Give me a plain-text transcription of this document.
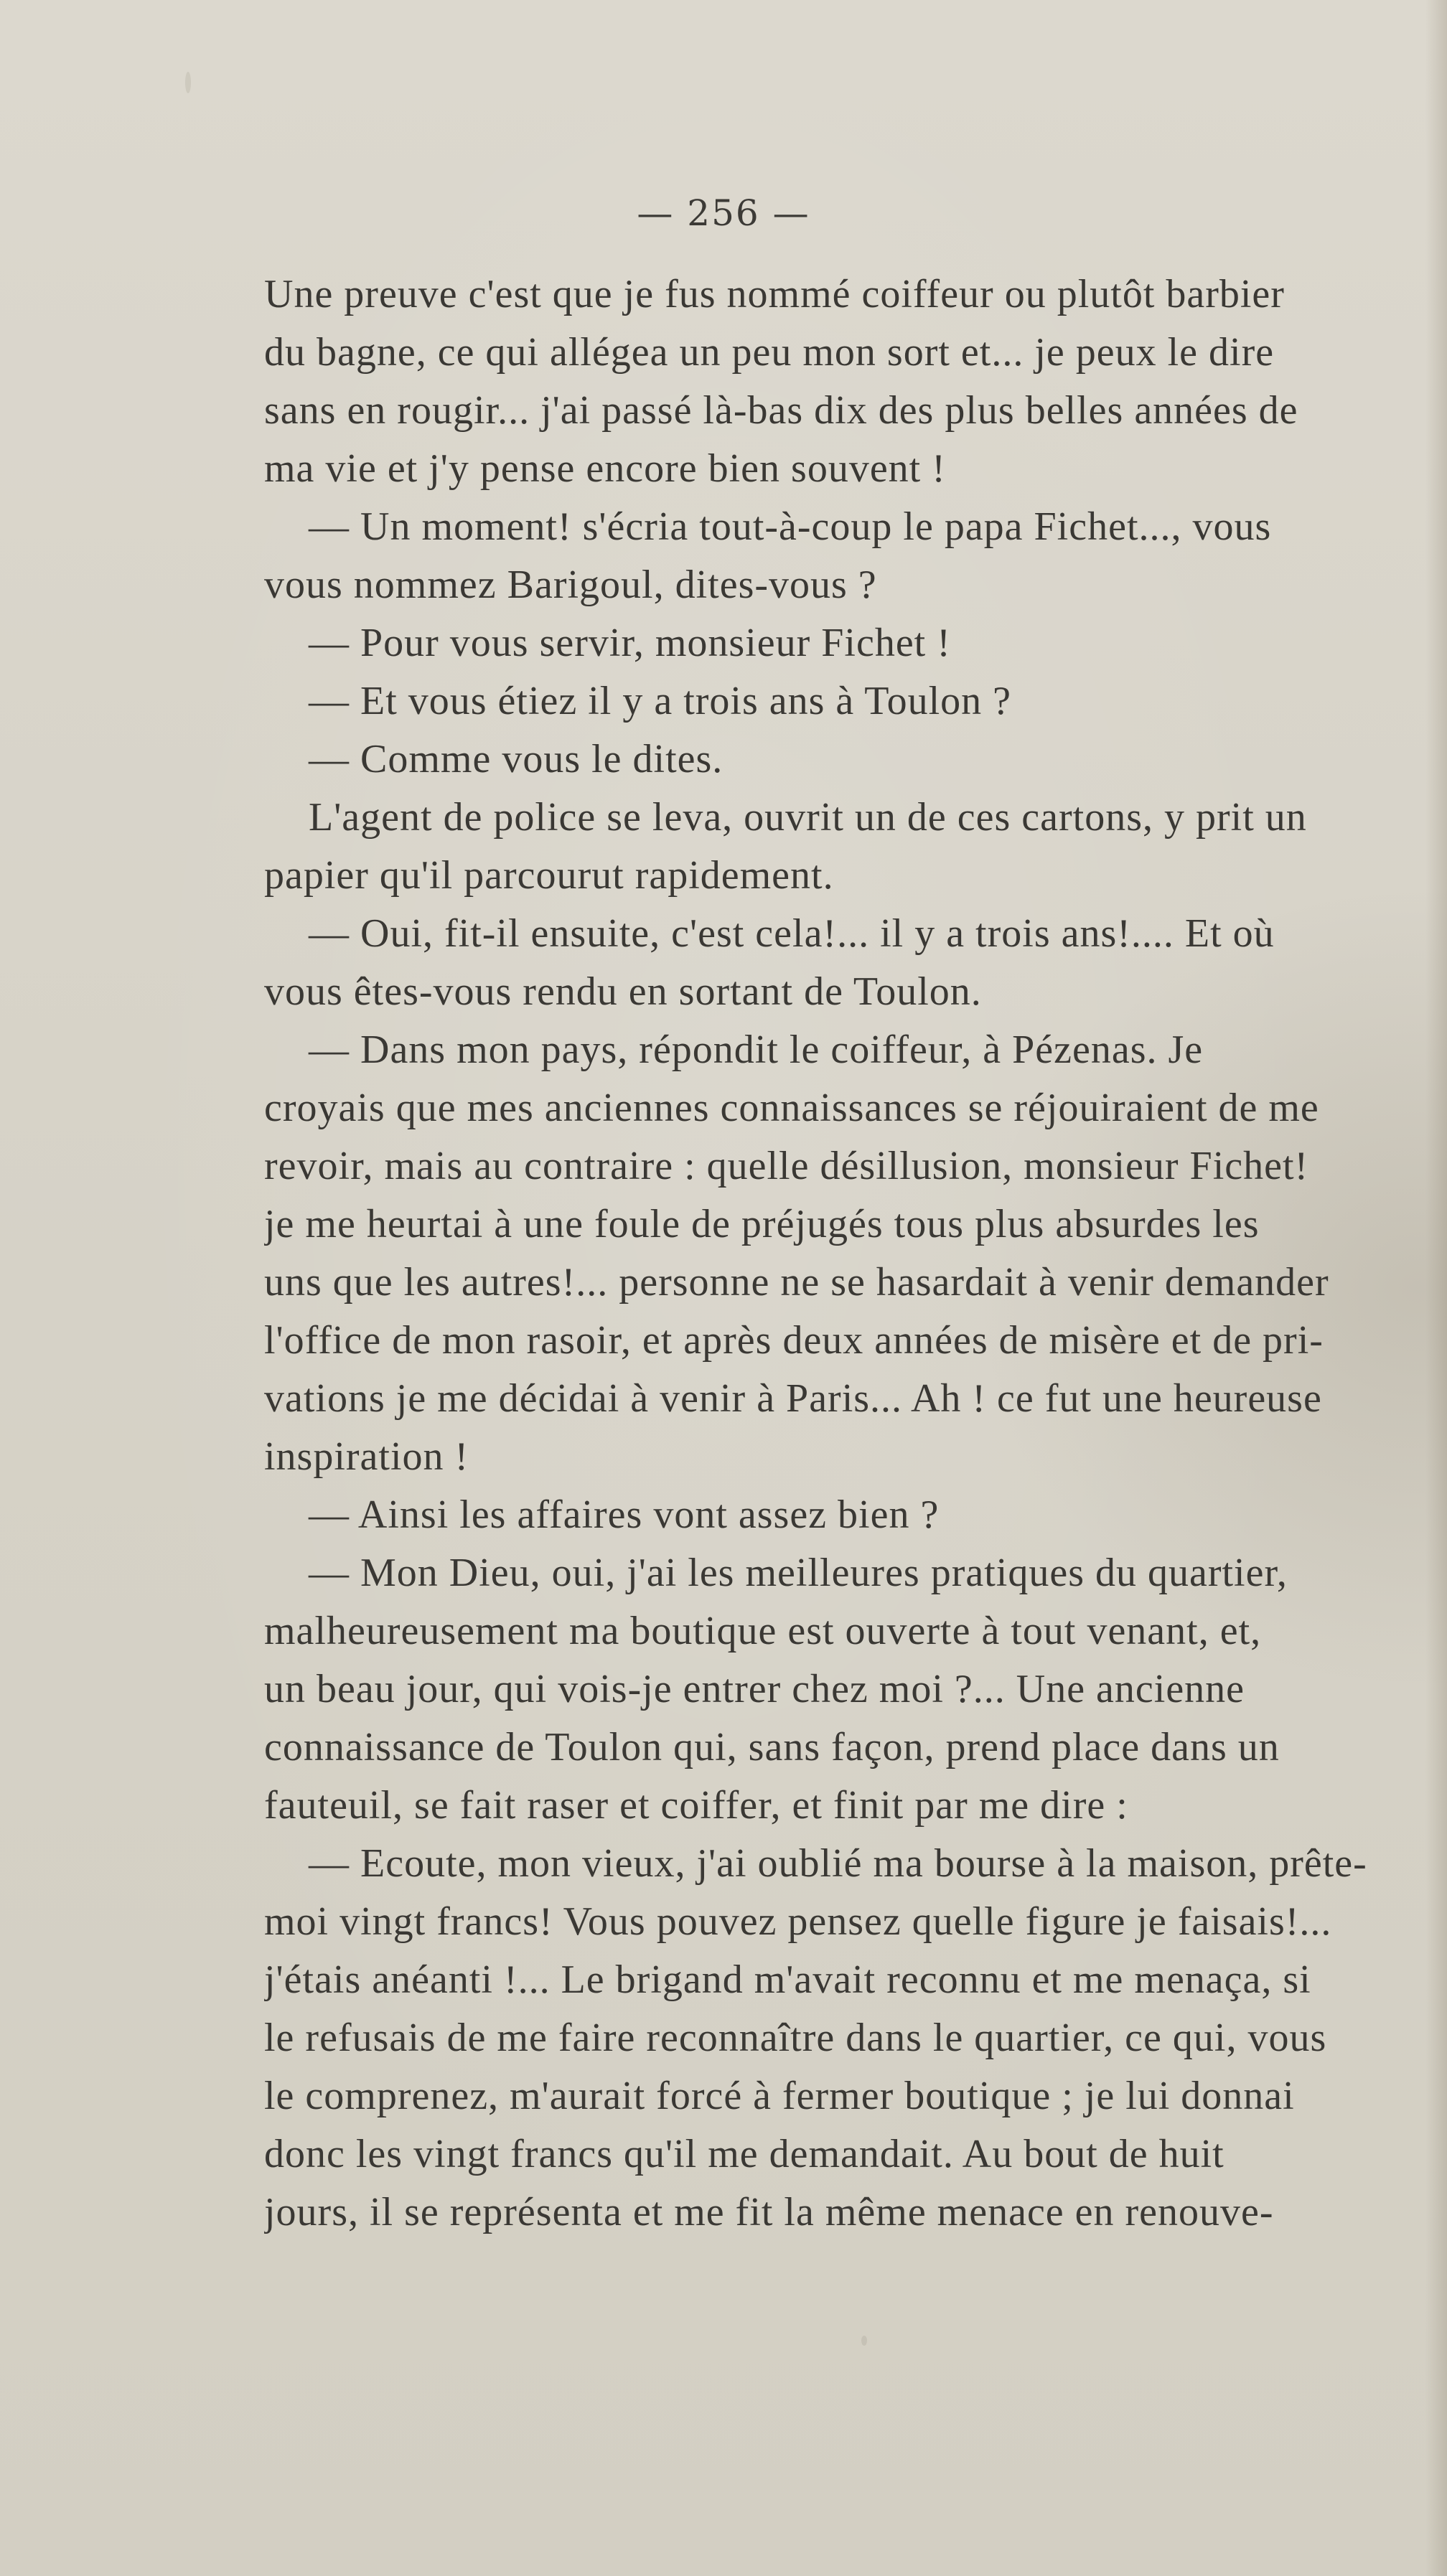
— 256 —
Une preuve c'est que je fus nommé coiffeur ou plutôt barbier
du bagne, ce qui allégea un peu mon sort et... je peux le dire
sans en rougir... j'ai passé là-bas dix des plus belles années de
ma vie et j'y pense encore bien souvent !
— Un moment! s'écria tout-à-coup le papa Fichet..., vous
vous nommez Barigoul, dites-vous ?
— Pour vous servir, monsieur Fichet !
— Et vous étiez il y a trois ans à Toulon ?
— Comme vous le dites.
L'agent de police se leva, ouvrit un de ces cartons, y prit un
papier qu'il parcourut rapidement.
— Oui, fit-il ensuite, c'est cela!... il y a trois ans!.... Et où
vous êtes-vous rendu en sortant de Toulon.
— Dans mon pays, répondit le coiffeur, à Pézenas. Je
croyais que mes anciennes connaissances se réjouiraient de me
revoir, mais au contraire : quelle désillusion, monsieur Fichet!
je me heurtai à une foule de préjugés tous plus absurdes les
uns que les autres!... personne ne se hasardait à venir demander
l'office de mon rasoir, et après deux années de misère et de pri-
vations je me décidai à venir à Paris... Ah ! ce fut une heureuse
inspiration !
— Ainsi les affaires vont assez bien ?
— Mon Dieu, oui, j'ai les meilleures pratiques du quartier,
malheureusement ma boutique est ouverte à tout venant, et,
un beau jour, qui vois-je entrer chez moi ?... Une ancienne
connaissance de Toulon qui, sans façon, prend place dans un
fauteuil, se fait raser et coiffer, et finit par me dire :
— Ecoute, mon vieux, j'ai oublié ma bourse à la maison, prête-
moi vingt francs! Vous pouvez pensez quelle figure je faisais!...
j'étais anéanti !... Le brigand m'avait reconnu et me menaça, si
le refusais de me faire reconnaître dans le quartier, ce qui, vous
le comprenez, m'aurait forcé à fermer boutique ; je lui donnai
donc les vingt francs qu'il me demandait. Au bout de huit
jours, il se représenta et me fit la même menace en renouve-
